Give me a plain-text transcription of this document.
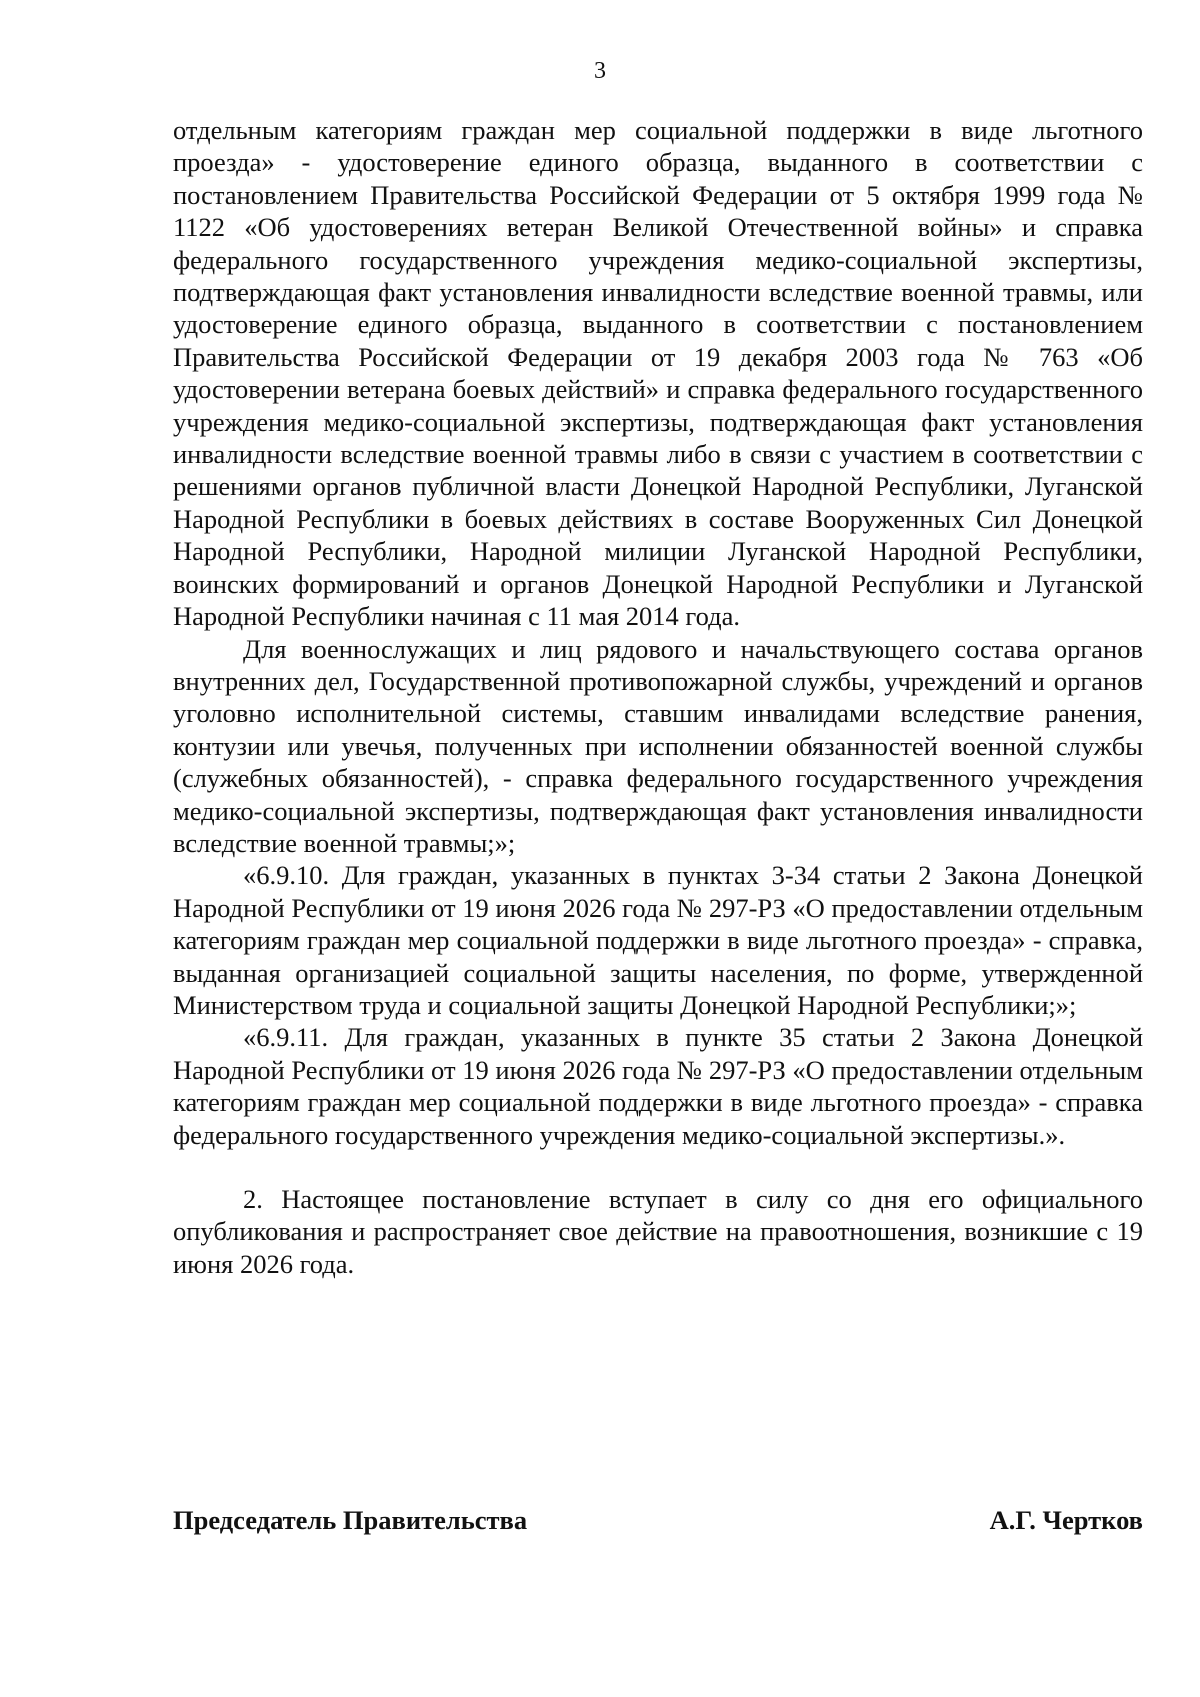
3

отдельным категориям граждан мер социальной поддержки в виде льготного проезда» - удостоверение единого образца, выданного в соответствии с постановлением Правительства Российской Федерации от 5 октября 1999 года № 1122 «Об удостоверениях ветеран Великой Отечественной войны» и справка федерального государственного учреждения медико-социальной экспертизы, подтверждающая факт установления инвалидности вследствие военной травмы, или удостоверение единого образца, выданного в соответствии с постановлением Правительства Российской Федерации от 19 декабря 2003 года № 763 «Об удостоверении ветерана боевых действий» и справка федерального государственного учреждения медико-социальной экспертизы, подтверждающая факт установления инвалидности вследствие военной травмы либо в связи с участием в соответствии с решениями органов публичной власти Донецкой Народной Республики, Луганской Народной Республики в боевых действиях в составе Вооруженных Сил Донецкой Народной Республики, Народной милиции Луганской Народной Республики, воинских формирований и органов Донецкой Народной Республики и Луганской Народной Республики начиная с 11 мая 2014 года.

Для военнослужащих и лиц рядового и начальствующего состава органов внутренних дел, Государственной противопожарной службы, учреждений и органов уголовно исполнительной системы, ставшим инвалидами вследствие ранения, контузии или увечья, полученных при исполнении обязанностей военной службы (служебных обязанностей), - справка федерального государственного учреждения медико-социальной экспертизы, подтверждающая факт установления инвалидности вследствие военной травмы;»;

«6.9.10. Для граждан, указанных в пунктах 3-34 статьи 2 Закона Донецкой Народной Республики от 19 июня 2026 года № 297-РЗ «О предоставлении отдельным категориям граждан мер социальной поддержки в виде льготного проезда» - справка, выданная организацией социальной защиты населения, по форме, утвержденной Министерством труда и социальной защиты Донецкой Народной Республики;»;

«6.9.11. Для граждан, указанных в пункте 35 статьи 2 Закона Донецкой Народной Республики от 19 июня 2026 года № 297-РЗ «О предоставлении отдельным категориям граждан мер социальной поддержки в виде льготного проезда» - справка федерального государственного учреждения медико-социальной экспертизы.».

2. Настоящее постановление вступает в силу со дня его официального опубликования и распространяет свое действие на правоотношения, возникшие с 19 июня 2026 года.

Председатель Правительства	А.Г. Чертков
